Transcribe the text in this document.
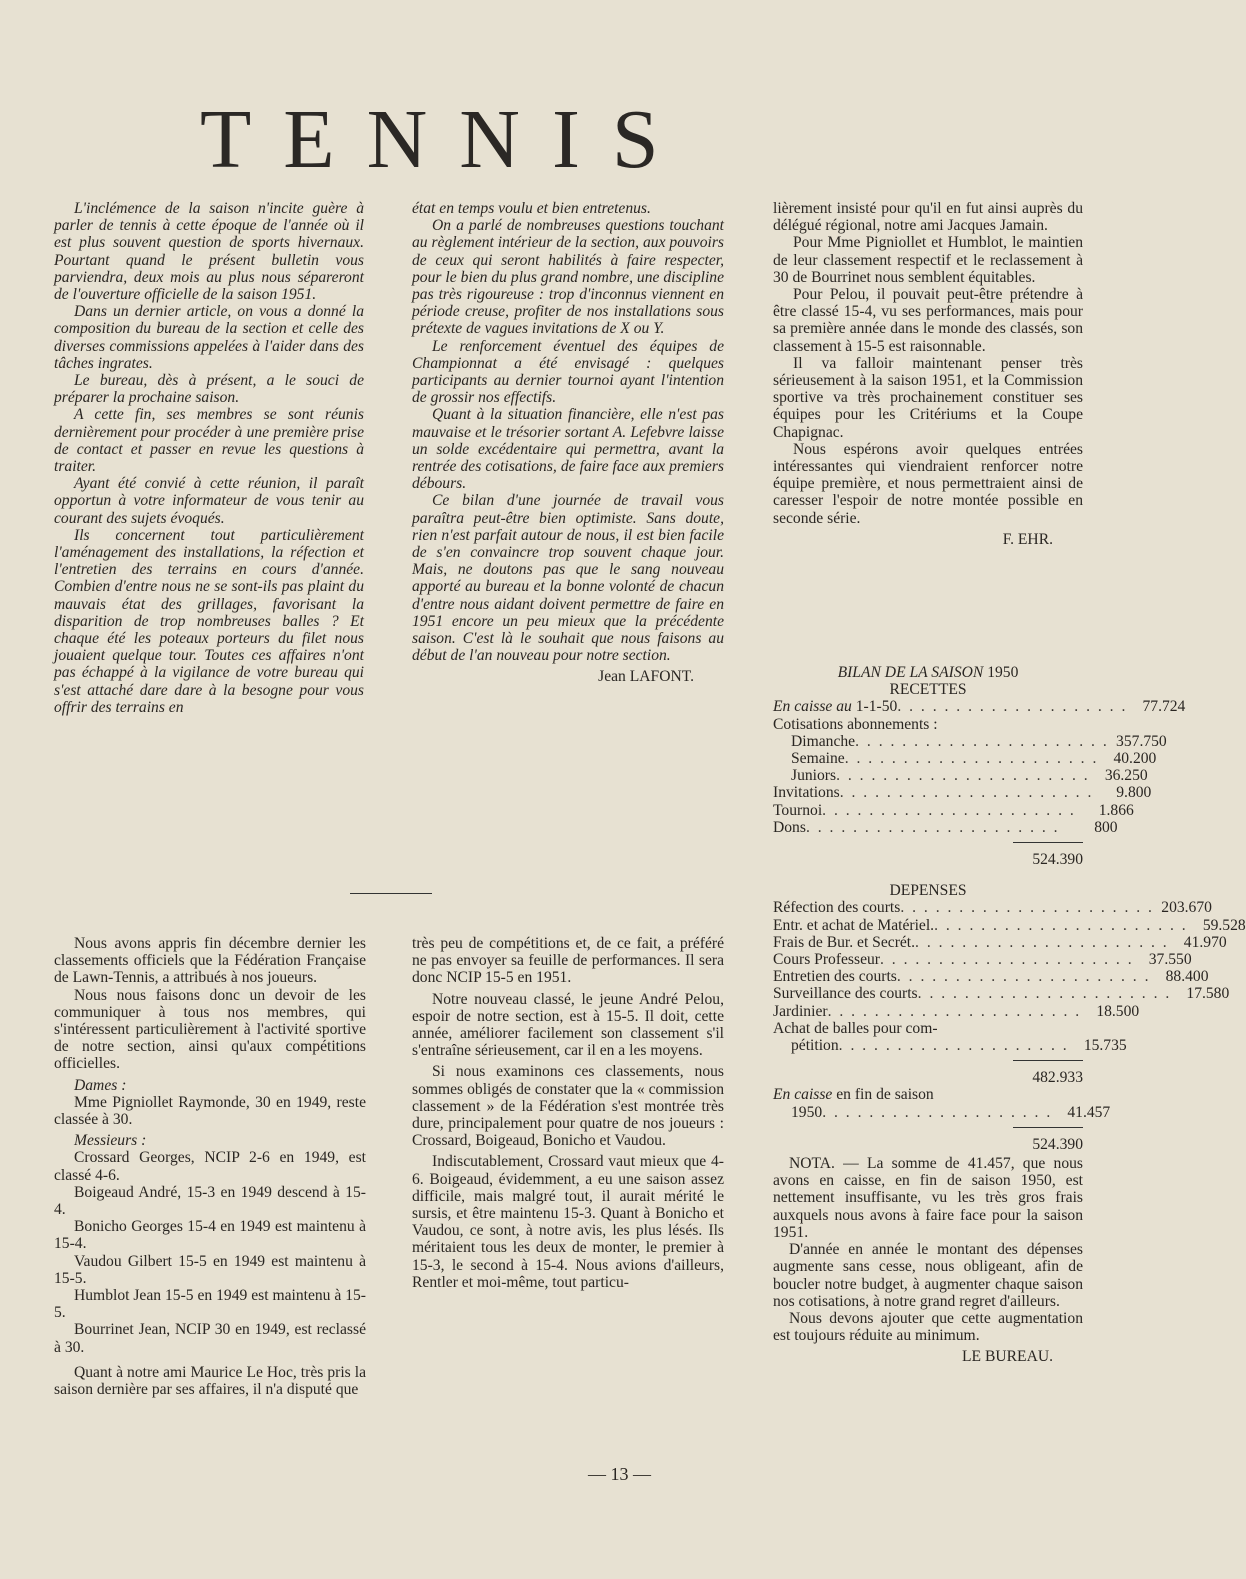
TENNIS

L'inclémence de la saison n'incite guère à parler de tennis à cette époque de l'année où il est plus souvent question de sports hivernaux. Pourtant quand le présent bulletin vous parviendra, deux mois au plus nous sépareront de l'ouverture officielle de la saison 1951.

Dans un dernier article, on vous a donné la composition du bureau de la section et celle des diverses commissions appelées à l'aider dans des tâches ingrates.

Le bureau, dès à présent, a le souci de préparer la prochaine saison.

A cette fin, ses membres se sont réunis dernièrement pour procéder à une première prise de contact et passer en revue les questions à traiter.

Ayant été convié à cette réunion, il paraît opportun à votre informateur de vous tenir au courant des sujets évoqués.

Ils concernent tout particulièrement l'aménagement des installations, la réfection et l'entretien des terrains en cours d'année. Combien d'entre nous ne se sont-ils pas plaint du mauvais état des grillages, favorisant la disparition de trop nombreuses balles ? Et chaque été les poteaux porteurs du filet nous jouaient quelque tour. Toutes ces affaires n'ont pas échappé à la vigilance de votre bureau qui s'est attaché dare dare à la besogne pour vous offrir des terrains en

état en temps voulu et bien entretenus.

On a parlé de nombreuses questions touchant au règlement intérieur de la section, aux pouvoirs de ceux qui seront habilités à faire respecter, pour le bien du plus grand nombre, une discipline pas très rigoureuse : trop d'inconnus viennent en période creuse, profiter de nos installations sous prétexte de vagues invitations de X ou Y.

Le renforcement éventuel des équipes de Championnat a été envisagé : quelques participants au dernier tournoi ayant l'intention de grossir nos effectifs.

Quant à la situation financière, elle n'est pas mauvaise et le trésorier sortant A. Lefebvre laisse un solde excédentaire qui permettra, avant la rentrée des cotisations, de faire face aux premiers débours.

Ce bilan d'une journée de travail vous paraîtra peut-être bien optimiste. Sans doute, rien n'est parfait autour de nous, il est bien facile de s'en convaincre trop souvent chaque jour. Mais, ne doutons pas que le sang nouveau apporté au bureau et la bonne volonté de chacun d'entre nous aidant doivent permettre de faire en 1951 encore un peu mieux que la précédente saison. C'est là le souhait que nous faisons au début de l'an nouveau pour notre section.

Jean LAFONT.

lièrement insisté pour qu'il en fut ainsi auprès du délégué régional, notre ami Jacques Jamain.

Pour Mme Pigniollet et Humblot, le maintien de leur classement respectif et le reclassement à 30 de Bourrinet nous semblent équitables.

Pour Pelou, il pouvait peut-être prétendre à être classé 15-4, vu ses performances, mais pour sa première année dans le monde des classés, son classement à 15-5 est raisonnable.

Il va falloir maintenant penser très sérieusement à la saison 1951, et la Commission sportive va très prochainement constituer ses équipes pour les Critériums et la Coupe Chapignac.

Nous espérons avoir quelques entrées intéressantes qui viendraient renforcer notre équipe première, et nous permettraient ainsi de caresser l'espoir de notre montée possible en seconde série.

F. EHR.

Nous avons appris fin décembre dernier les classements officiels que la Fédération Française de Lawn-Tennis, a attribués à nos joueurs.

Nous nous faisons donc un devoir de les communiquer à tous nos membres, qui s'intéressent particulièrement à l'activité sportive de notre section, ainsi qu'aux compétitions officielles.

Dames :

Mme Pigniollet Raymonde, 30 en 1949, reste classée à 30.

Messieurs :

Crossard Georges, NCIP 2-6 en 1949, est classé 4-6.

Boigeaud André, 15-3 en 1949 descend à 15-4.

Bonicho Georges 15-4 en 1949 est maintenu à 15-4.

Vaudou Gilbert 15-5 en 1949 est maintenu à 15-5.

Humblot Jean 15-5 en 1949 est maintenu à 15-5.

Bourrinet Jean, NCIP 30 en 1949, est reclassé à 30.

Quant à notre ami Maurice Le Hoc, très pris la saison dernière par ses affaires, il n'a disputé que

très peu de compétitions et, de ce fait, a préféré ne pas envoyer sa feuille de performances. Il sera donc NCIP 15-5 en 1951.

Notre nouveau classé, le jeune André Pelou, espoir de notre section, est à 15-5. Il doit, cette année, améliorer facilement son classement s'il s'entraîne sérieusement, car il en a les moyens.

Si nous examinons ces classements, nous sommes obligés de constater que la « commission classement » de la Fédération s'est montrée très dure, principalement pour quatre de nos joueurs : Crossard, Boigeaud, Bonicho et Vaudou.

Indiscutablement, Crossard vaut mieux que 4-6. Boigeaud, évidemment, a eu une saison assez difficile, mais malgré tout, il aurait mérité le sursis, et être maintenu 15-3. Quant à Bonicho et Vaudou, ce sont, à notre avis, les plus lésés. Ils méritaient tous les deux de monter, le premier à 15-3, le second à 15-4. Nous avions d'ailleurs, Rentler et moi-même, tout particu-

BILAN DE LA SAISON 1950
RECETTES
En caisse au 1-1-50 . . . . . . . . . . . . . . . . . . . . 77.724
Cotisations abonnements :
Dimanche . . . . . . . . . . . . . . . . . . . . . . 357.750
Semaine . . . . . . . . . . . . . . . . . . . . . . 40.200
Juniors . . . . . . . . . . . . . . . . . . . . . . 36.250
Invitations . . . . . . . . . . . . . . . . . . . . . .	9.800
Tournoi . . . . . . . . . . . . . . . . . . . . . .	1.866
Dons . . . . . . . . . . . . . . . . . . . . . .	800
524.390
DEPENSES
Réfection des courts . . . . . . . . . . . . . . . . . . . . . . 203.670
Entr. et achat de Matériel. . . . . . . . . . . . . . . . . . . . . . . 59.528
Frais de Bur. et Secrét. . . . . . . . . . . . . . . . . . . . . . . 41.970
Cours Professeur . . . . . . . . . . . . . . . . . . . . . . 37.550
Entretien des courts . . . . . . . . . . . . . . . . . . . . . . 88.400
Surveillance des courts . . . . . . . . . . . . . . . . . . . . . . 17.580
Jardinier . . . . . . . . . . . . . . . . . . . . . . 18.500
Achat de balles pour com-
pétition . . . . . . . . . . . . . . . . . . . . 15.735
482.933
En caisse en fin de saison
1950 . . . . . . . . . . . . . . . . . . . . 41.457
524.390

NOTA. — La somme de 41.457, que nous avons en caisse, en fin de saison 1950, est nettement insuffisante, vu les très gros frais auxquels nous avons à faire face pour la saison 1951.

D'année en année le montant des dépenses augmente sans cesse, nous obligeant, afin de boucler notre budget, à augmenter chaque saison nos cotisations, à notre grand regret d'ailleurs.

Nous devons ajouter que cette augmentation est toujours réduite au minimum.

LE BUREAU.
— 13 —
